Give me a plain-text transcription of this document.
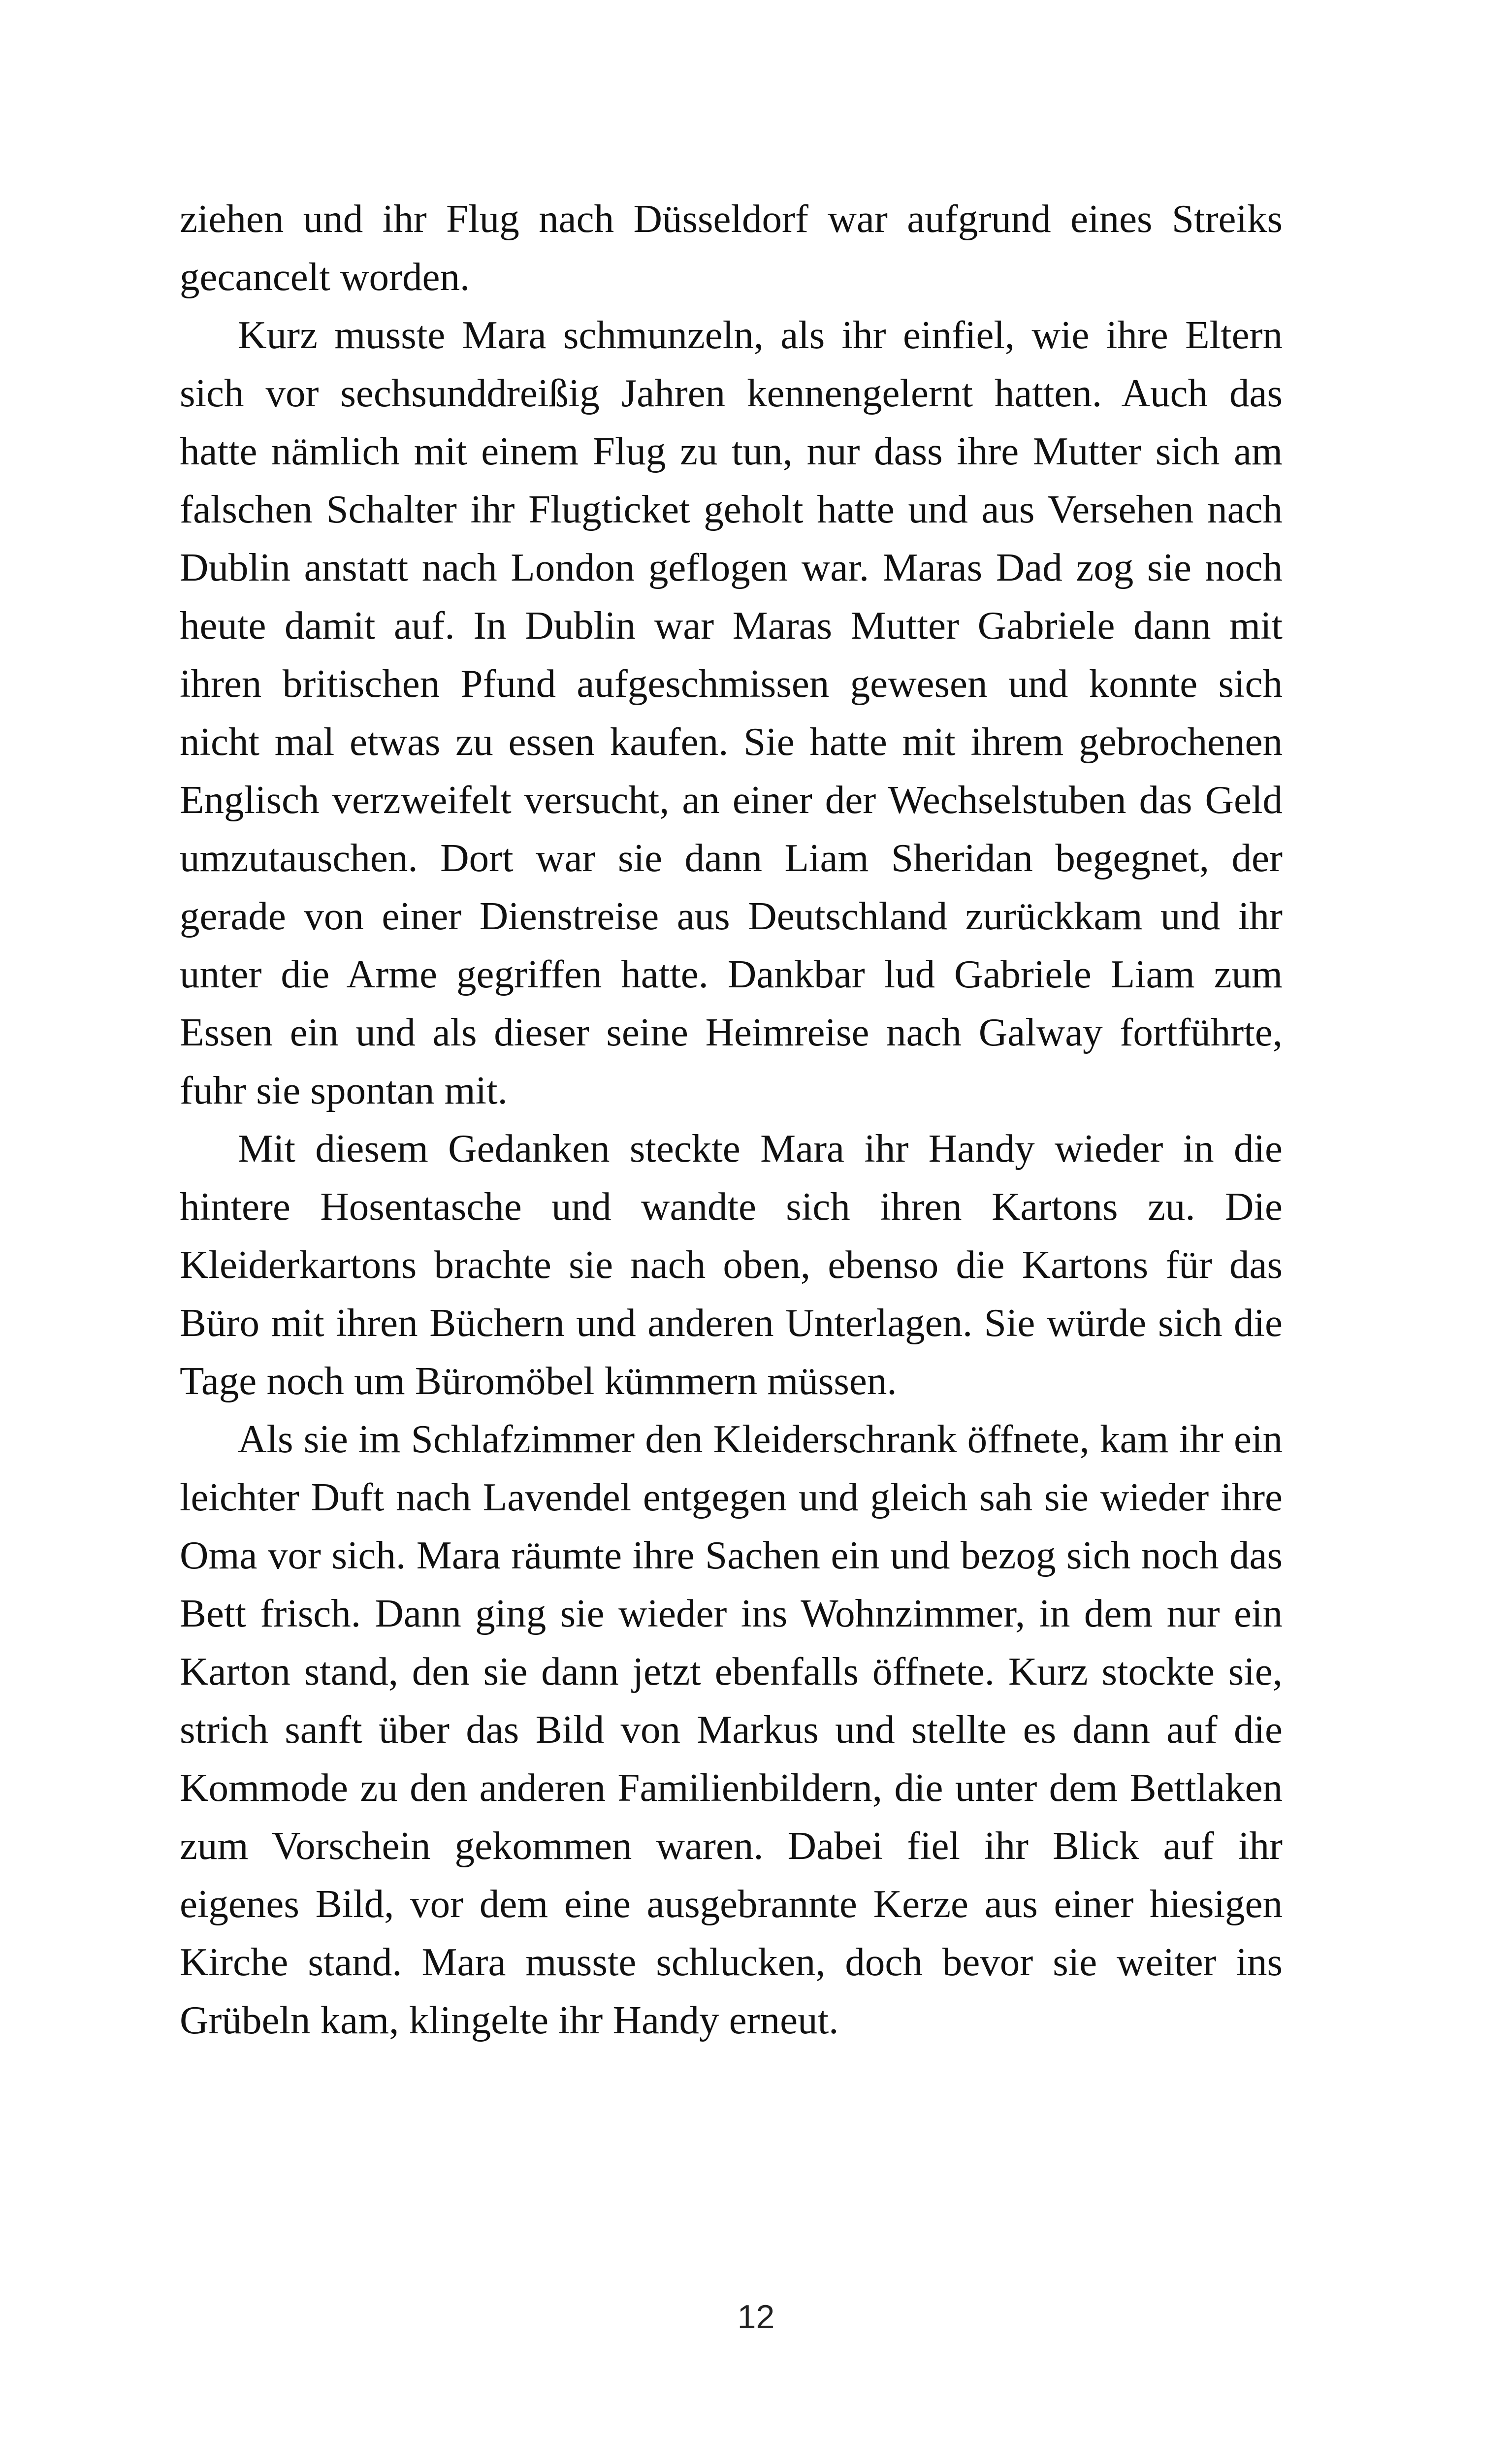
ziehen und ihr Flug nach Düsseldorf war aufgrund eines Streiks gecancelt worden.

Kurz musste Mara schmunzeln, als ihr einfiel, wie ihre Eltern sich vor sechsunddreißig Jahren kennengelernt hatten. Auch das hatte nämlich mit einem Flug zu tun, nur dass ihre Mutter sich am falschen Schalter ihr Flugticket geholt hatte und aus Versehen nach Dublin anstatt nach London geflogen war. Maras Dad zog sie noch heute damit auf. In Dublin war Maras Mutter Gabriele dann mit ihren britischen Pfund aufgeschmissen gewesen und konnte sich nicht mal etwas zu essen kaufen. Sie hatte mit ihrem gebrochenen Englisch verzweifelt versucht, an einer der Wechselstuben das Geld umzutauschen. Dort war sie dann Liam Sheridan begegnet, der gerade von einer Dienstreise aus Deutschland zurückkam und ihr unter die Arme gegriffen hatte. Dankbar lud Gabriele Liam zum Essen ein und als dieser seine Heimreise nach Galway fortführte, fuhr sie spontan mit.

Mit diesem Gedanken steckte Mara ihr Handy wieder in die hintere Hosentasche und wandte sich ihren Kartons zu. Die Kleiderkartons brachte sie nach oben, ebenso die Kartons für das Büro mit ihren Büchern und anderen Unterlagen. Sie würde sich die Tage noch um Büromöbel kümmern müssen.

Als sie im Schlafzimmer den Kleiderschrank öffnete, kam ihr ein leichter Duft nach Lavendel entgegen und gleich sah sie wieder ihre Oma vor sich. Mara räumte ihre Sachen ein und bezog sich noch das Bett frisch. Dann ging sie wieder ins Wohnzimmer, in dem nur ein Karton stand, den sie dann jetzt ebenfalls öffnete. Kurz stockte sie, strich sanft über das Bild von Markus und stellte es dann auf die Kommode zu den anderen Familienbildern, die unter dem Bettlaken zum Vorschein gekommen waren. Dabei fiel ihr Blick auf ihr eigenes Bild, vor dem eine ausgebrannte Kerze aus einer hiesigen Kirche stand. Mara musste schlucken, doch bevor sie weiter ins Grübeln kam, klingelte ihr Handy erneut.

12
